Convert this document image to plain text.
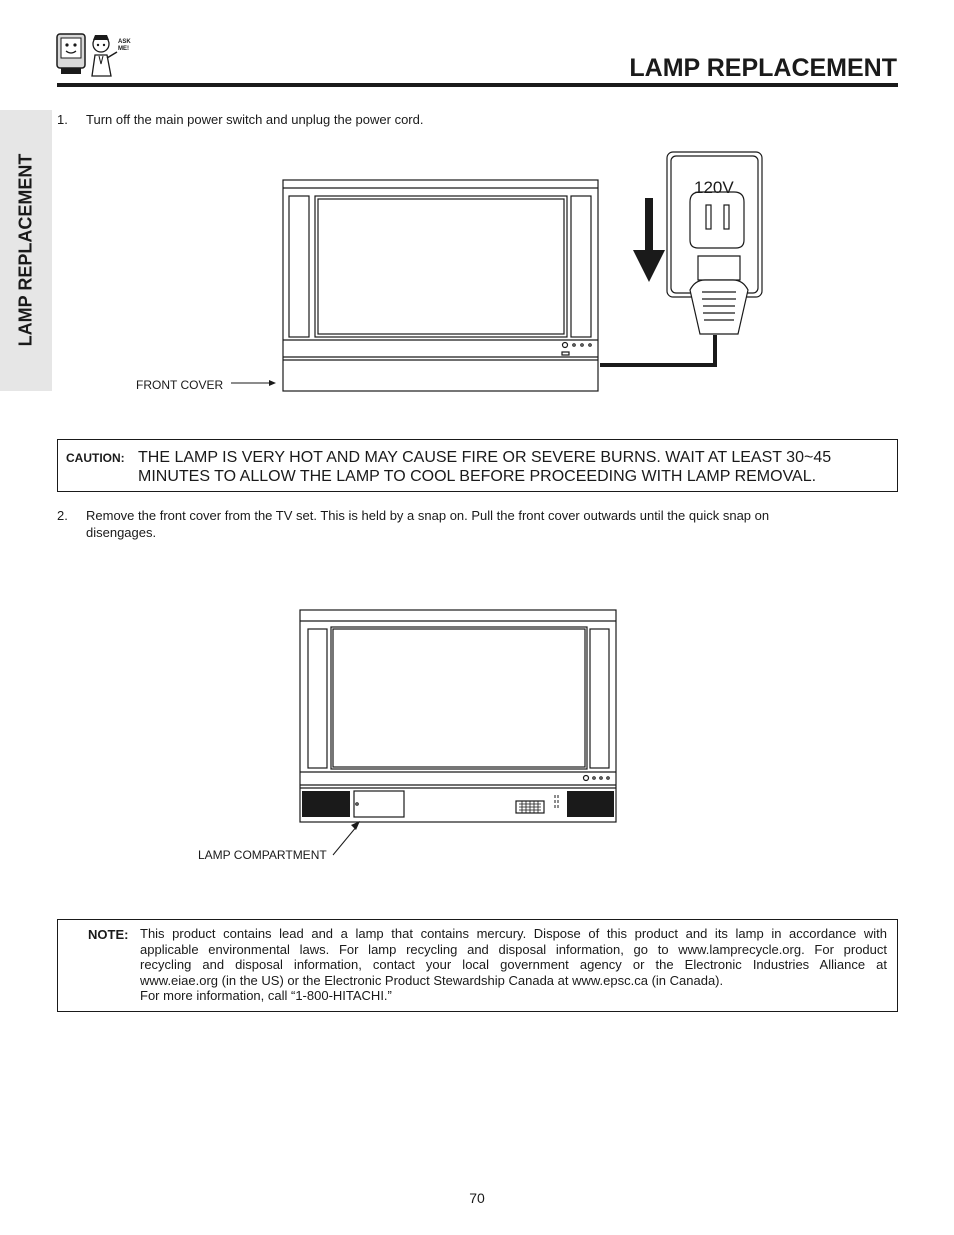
ASK ME!
LAMP REPLACEMENT
LAMP REPLACEMENT
1. Turn off the main power switch and unplug the power cord.
120V
FRONT COVER
CAUTION: THE LAMP IS VERY HOT AND MAY CAUSE FIRE OR SEVERE BURNS. WAIT AT LEAST 30~45
MINUTES TO ALLOW THE LAMP TO COOL BEFORE PROCEEDING WITH LAMP REMOVAL.
2. Remove the front cover from the TV set. This is held by a snap on. Pull the front cover outwards until the quick snap on
disengages.
LAMP COMPARTMENT
NOTE: This product contains lead and a lamp that contains mercury. Dispose of this product and its lamp in accordance with
applicable environmental laws. For lamp recycling and disposal information, go to www.lamprecycle.org. For product
recycling and disposal information, contact your local government agency or the Electronic Industries Alliance at
www.eiae.org (in the US) or the Electronic Product Stewardship Canada at www.epsc.ca (in Canada).
For more information, call “1-800-HITACHI.”
70
